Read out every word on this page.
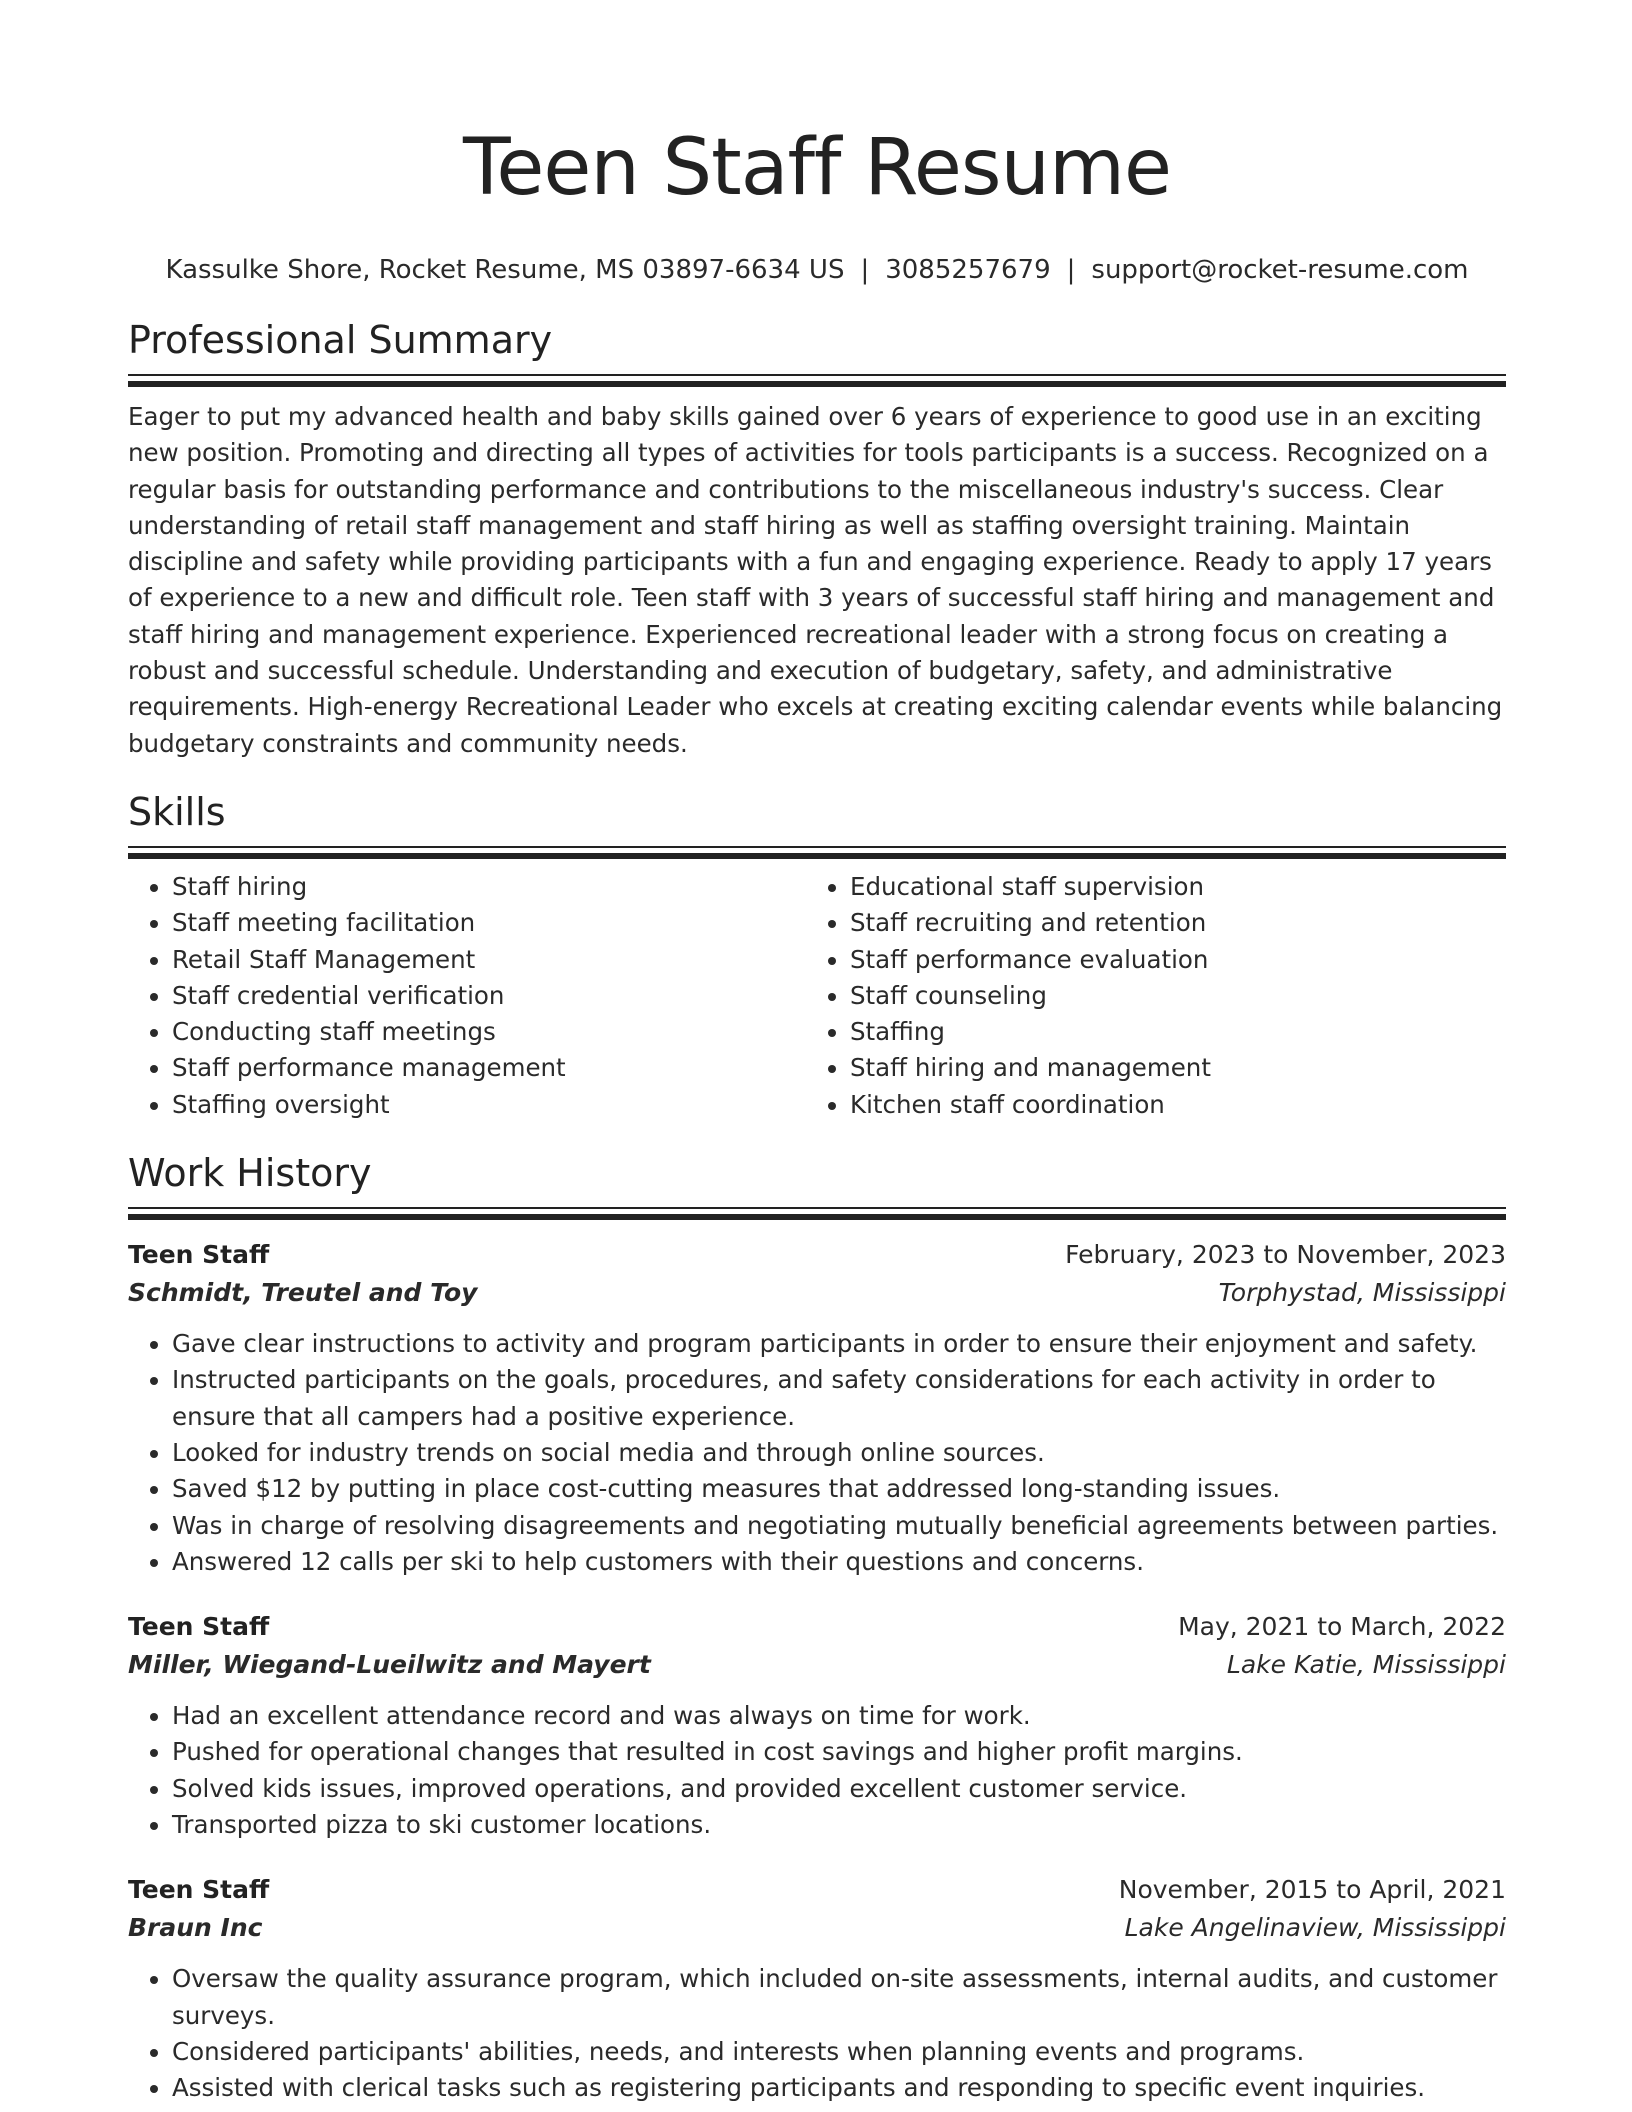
Teen Staff Resume
Kassulke Shore, Rocket Resume, MS 03897-6634 US | 3085257679 | support@rocket-resume.com
Professional Summary

Eager to put my advanced health and baby skills gained over 6 years of experience to good use in an exciting new position. Promoting and directing all types of activities for tools participants is a success. Recognized on a regular basis for outstanding performance and contributions to the miscellaneous industry's success. Clear understanding of retail staff management and staff hiring as well as staffing oversight training. Maintain discipline and safety while providing participants with a fun and engaging experience. Ready to apply 17 years of experience to a new and difficult role. Teen staff with 3 years of successful staff hiring and management and staff hiring and management experience. Experienced recreational leader with a strong focus on creating a robust and successful schedule. Understanding and execution of budgetary, safety, and administrative requirements. High-energy Recreational Leader who excels at creating exciting calendar events while balancing budgetary constraints and community needs.

Skills
• Staff hiring
• Staff meeting facilitation
• Retail Staff Management
• Staff credential verification
• Conducting staff meetings
• Staff performance management
• Staffing oversight
• Educational staff supervision
• Staff recruiting and retention
• Staff performance evaluation
• Staff counseling
• Staffing
• Staff hiring and management
• Kitchen staff coordination
Work History
Teen Staff	February, 2023 to November, 2023
Schmidt, Treutel and Toy	Torphystad, Mississippi
• Gave clear instructions to activity and program participants in order to ensure their enjoyment and safety.
• Instructed participants on the goals, procedures, and safety considerations for each activity in order to ensure that all campers had a positive experience.
• Looked for industry trends on social media and through online sources.
• Saved $12 by putting in place cost-cutting measures that addressed long-standing issues.
• Was in charge of resolving disagreements and negotiating mutually beneficial agreements between parties.
• Answered 12 calls per ski to help customers with their questions and concerns.
Teen Staff	May, 2021 to March, 2022
Miller, Wiegand-Lueilwitz and Mayert	Lake Katie, Mississippi
• Had an excellent attendance record and was always on time for work.
• Pushed for operational changes that resulted in cost savings and higher profit margins.
• Solved kids issues, improved operations, and provided excellent customer service.
• Transported pizza to ski customer locations.
Teen Staff	November, 2015 to April, 2021
Braun Inc	Lake Angelinaview, Mississippi
• Oversaw the quality assurance program, which included on-site assessments, internal audits, and customer surveys.
• Considered participants' abilities, needs, and interests when planning events and programs.
• Assisted with clerical tasks such as registering participants and responding to specific event inquiries.
